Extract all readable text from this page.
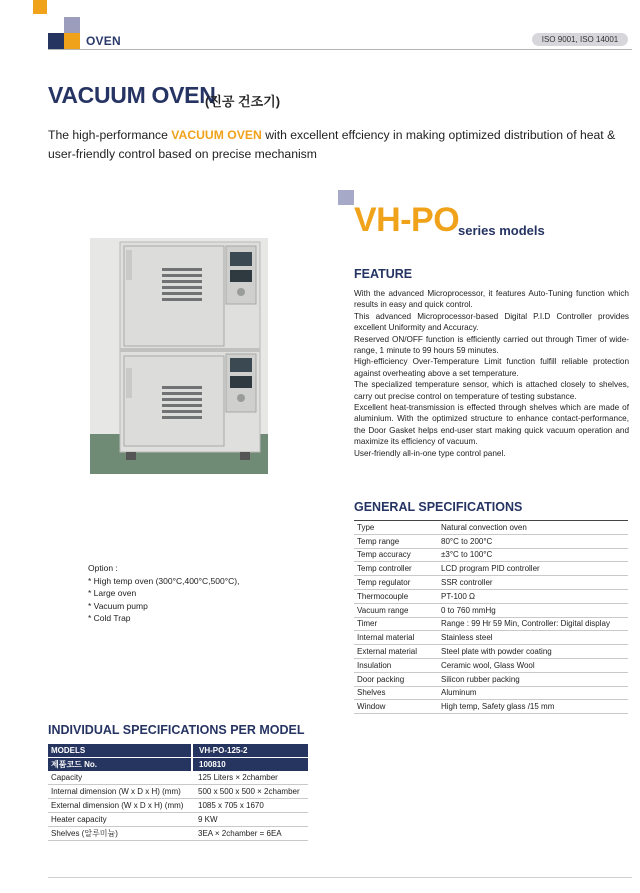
OVEN	ISO 9001, ISO 14001
VACUUM OVEN
(진공 건조기)
The high-performance VACUUM OVEN with excellent effciency in making optimized distribution of heat & user-friendly control based on precise mechanism
VH-PO
series models
Option :
* High temp oven (300°C,400°C,500°C),
* Large oven
* Vacuum pump
* Cold Trap
FEATURE
With the advanced Microprocessor, it features Auto-Tuning function which results in easy and quick control.
This advanced Microprocessor-based Digital P.I.D Controller provides excellent Uniformity and Accuracy.
Reserved ON/OFF function is efficiently carried out through Timer of wide-range, 1 minute to 99 hours 59 minutes.
High-efficiency Over-Temperature Limit function fulfill reliable protection against overheating above a set temperature.
The specialized temperature sensor, which is attached closely to shelves, carry out precise control on temperature of testing substance.
Excellent heat-transmission is effected through shelves which are made of aluminium. With the optimized structure to enhance contact-performance, the Door Gasket helps end-user start making quick vacuum operation and maximize its efficiency of vacuum.
User-friendly all-in-one type control panel.
GENERAL SPECIFICATIONS
Type	Natural convection oven
Temp range	80°C to 200°C
Temp accuracy	±3°C to 100°C
Temp controller	LCD program PID controller
Temp regulator	SSR controller
Thermocouple	PT-100 Ω
Vacuum range	0 to 760 mmHg
Timer	Range : 99 Hr 59 Min, Controller: Digital display
Internal material	Stainless steel
External material	Steel plate with powder coating
Insulation	Ceramic wool, Glass Wool
Door packing	Silicon rubber packing
Shelves	Aluminum
Window	High temp, Safety glass /15 mm
INDIVIDUAL SPECIFICATIONS PER MODEL
MODELS	VH-PO-125-2
제품코드 No.	100810
Capacity	125 Liters × 2chamber
Internal dimension (W x D x H) (mm)	500 x 500 x 500 × 2chamber
External dimension (W x D x H) (mm)	1085 x 705 x 1670
Heater capacity	9 KW
Shelves (알루미늄)	3EA × 2chamber = 6EA
